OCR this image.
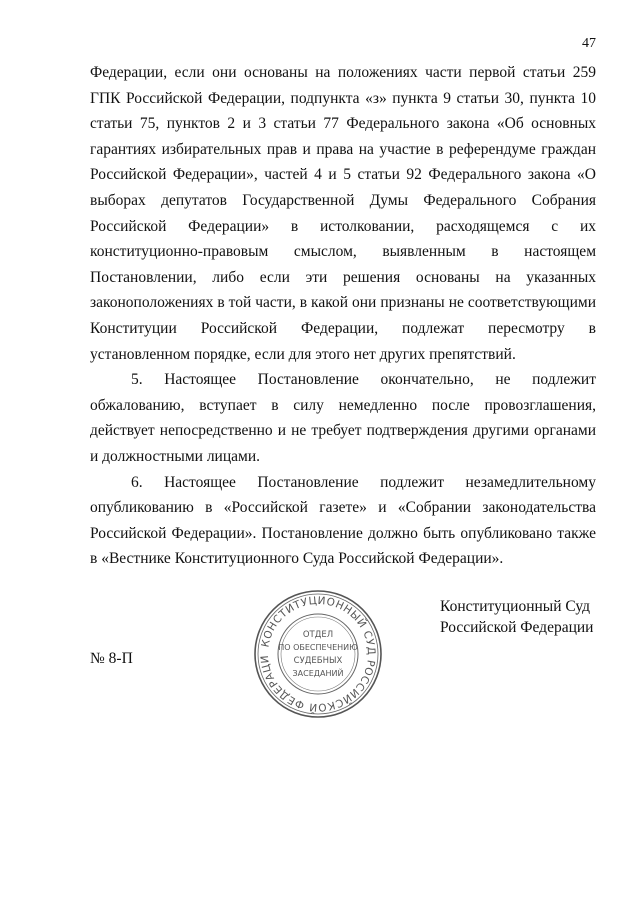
47

Федерации, если они основаны на положениях части первой статьи 259 ГПК Российской Федерации, подпункта «з» пункта 9 статьи 30, пункта 10 статьи 75, пунктов 2 и 3 статьи 77 Федерального закона «Об основных гарантиях избирательных прав и права на участие в референдуме граждан Российской Федерации», частей 4 и 5 статьи 92 Федерального закона «О выборах депутатов Государственной Думы Федерального Собрания Российской Федерации» в истолковании, расходящемся с их конституционно-правовым смыслом, выявленным в настоящем Постановлении, либо если эти решения основаны на указанных законоположениях в той части, в какой они признаны не соответствующими Конституции Российской Федерации, подлежат пересмотру в установленном порядке, если для этого нет других препятствий.

5. Настоящее Постановление окончательно, не подлежит обжалованию, вступает в силу немедленно после провозглашения, действует непосредственно и не требует подтверждения другими органами и должностными лицами.

6. Настоящее Постановление подлежит незамедлительному опубликованию в «Российской газете» и «Собрании законодательства Российской Федерации». Постановление должно быть опубликовано также в «Вестнике Конституционного Суда Российской Федерации».

КОНСТИТУЦИОННЫЙ СУД РОССИЙСКОЙ ФЕДЕРАЦИ
ОТДЕЛ
ПО ОБЕСПЕЧЕНИЮ
СУДЕБНЫХ
ЗАСЕДАНИЙ
Конституционный Суд
Российской Федерации
№ 8-П
